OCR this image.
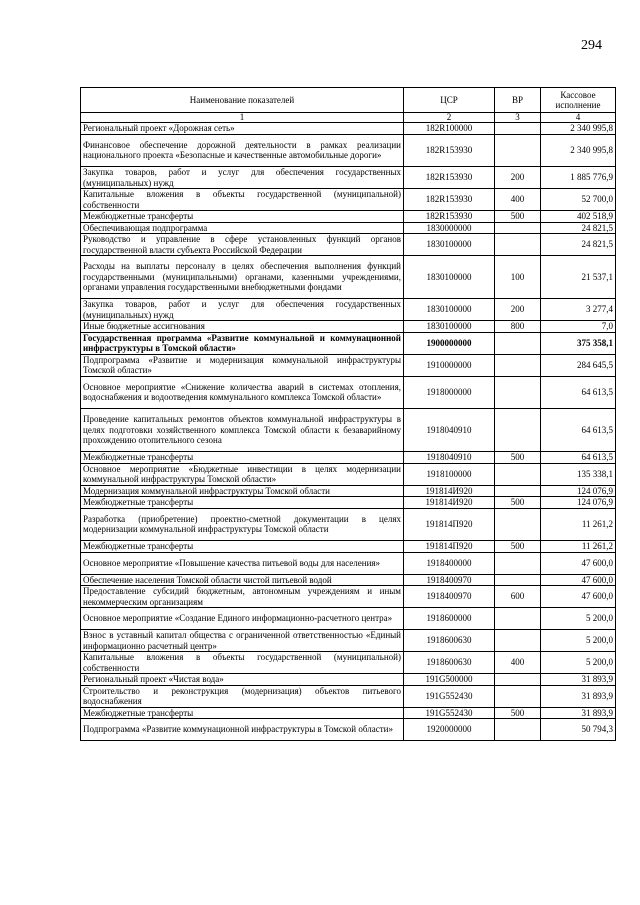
294
Наименование показателей	ЦСР	ВР	Кассовое исполнение
1	2	3	4
Региональный проект «Дорожная сеть»	182R100000		2 340 995,8
Финансовое обеспечение дорожной деятельности в рамках реализации национального проекта «Безопасные и качественные автомобильные дороги»	182R153930		2 340 995,8
Закупка товаров, работ и услуг для обеспечения государственных (муниципальных) нужд	182R153930	200	1 885 776,9
Капитальные вложения в объекты государственной (муниципальной) собственности	182R153930	400	52 700,0
Межбюджетные трансферты	182R153930	500	402 518,9
Обеспечивающая подпрограмма	1830000000		24 821,5
Руководство и управление в сфере установленных функций органов государственной власти субъекта Российской Федерации	1830100000		24 821,5
Расходы на выплаты персоналу в целях обеспечения выполнения функций государственными (муниципальными) органами, казенными учреждениями, органами управления государственными внебюджетными фондами	1830100000	100	21 537,1
Закупка товаров, работ и услуг для обеспечения государственных (муниципальных) нужд	1830100000	200	3 277,4
Иные бюджетные ассигнования	1830100000	800	7,0
Государственная программа «Развитие коммунальной и коммунационной инфраструктуры в Томской области»	1900000000		375 358,1
Подпрограмма «Развитие и модернизация коммунальной инфраструктуры Томской области»	1910000000		284 645,5
Основное мероприятие «Снижение количества аварий в системах отопления, водоснабжения и водоотведения коммунального комплекса Томской области»	1918000000		64 613,5
Проведение капитальных ремонтов объектов коммунальной инфраструктуры в целях подготовки хозяйственного комплекса Томской области к безаварийному прохождению отопительного сезона	1918040910		64 613,5
Межбюджетные трансферты	1918040910	500	64 613,5
Основное мероприятие «Бюджетные инвестиции в целях модернизации коммунальной инфраструктуры Томской области»	1918100000		135 338,1
Модернизация коммунальной инфраструктуры Томской области	191814И920		124 076,9
Межбюджетные трансферты	191814И920	500	124 076,9
Разработка (приобретение) проектно-сметной документации в целях модернизации коммунальной инфраструктуры Томской области	191814П920		11 261,2
Межбюджетные трансферты	191814П920	500	11 261,2
Основное мероприятие «Повышение качества питьевой воды для населения»	1918400000		47 600,0
Обеспечение населения Томской области чистой питьевой водой	1918400970		47 600,0
Предоставление субсидий бюджетным, автономным учреждениям и иным некоммерческим организациям	1918400970	600	47 600,0
Основное мероприятие «Создание Единого информационно-расчетного центра»	1918600000		5 200,0
Взнос в уставный капитал общества с ограниченной ответственностью «Единый информационно расчетный центр»	1918600630		5 200,0
Капитальные вложения в объекты государственной (муниципальной) собственности	1918600630	400	5 200,0
Региональный проект «Чистая вода»	191G500000		31 893,9
Строительство и реконструкция (модернизация) объектов питьевого водоснабжения	191G552430		31 893,9
Межбюджетные трансферты	191G552430	500	31 893,9
Подпрограмма «Развитие коммунационной инфраструктуры в Томской области»	1920000000		50 794,3
